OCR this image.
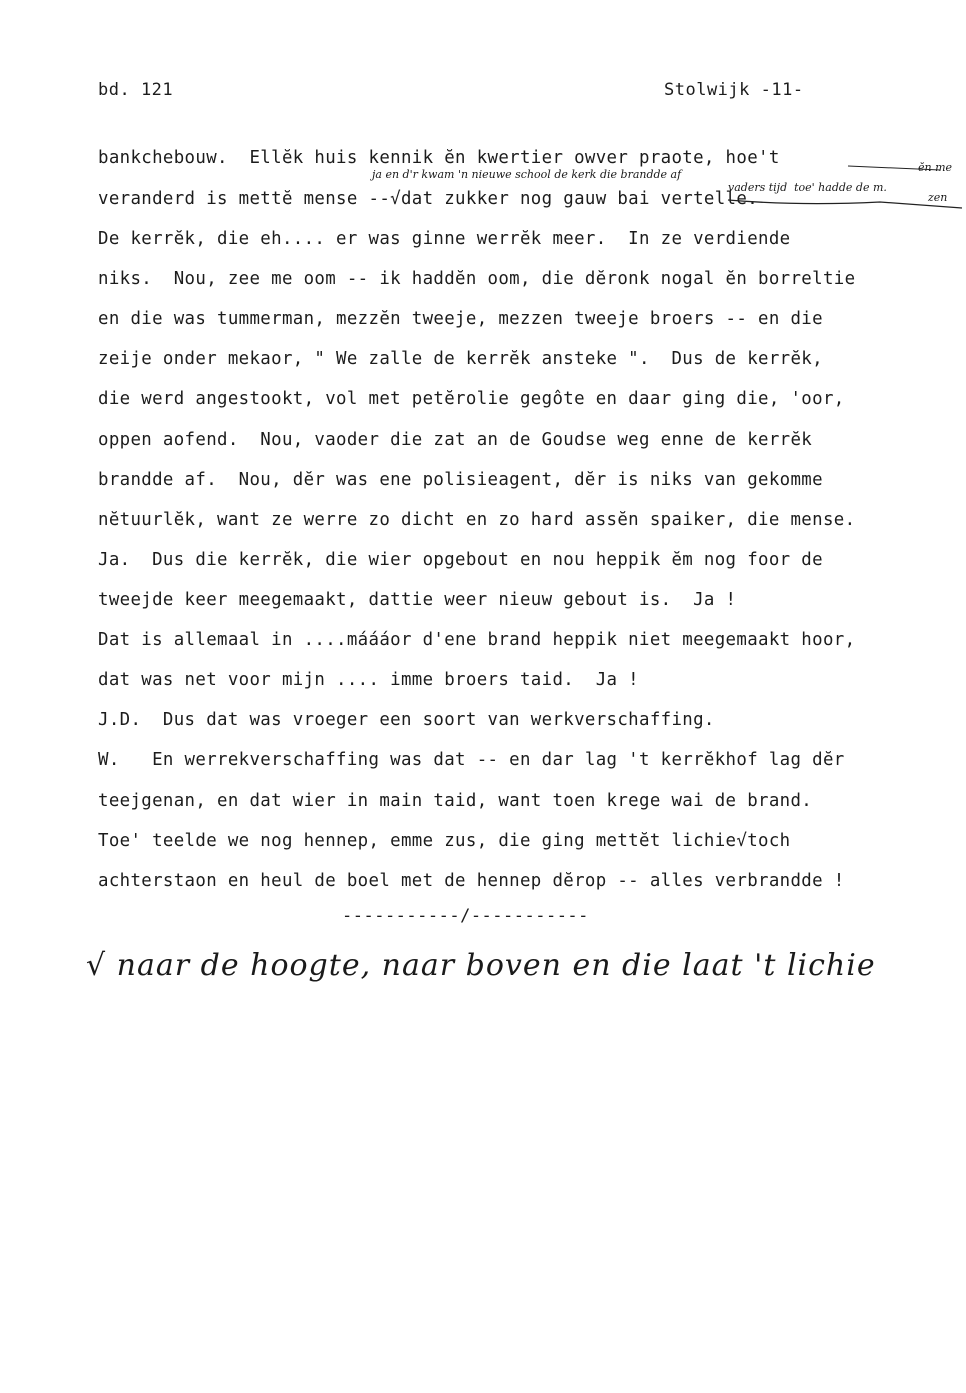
bd. 121	Stolwijk -11-
bankchebouw.  Ellĕk huis kennik ĕn kwertier owver praote, hoe't
veranderd is mettĕ mense --√dat zukker nog gauw bai vertelle.
De kerrĕk, die eh.... er was ginne werrĕk meer.  In ze verdiende
niks.  Nou, zee me oom -- ik haddĕn oom, die dĕronk nogal ĕn borreltie
en die was tummerman, mezzĕn tweeje, mezzen tweeje broers -- en die
zeije onder mekaor, " We zalle de kerrĕk ansteke ".  Dus de kerrĕk,
die werd angestookt, vol met petĕrolie gegôte en daar ging die, 'oor,
oppen aofend.  Nou, vaoder die zat an de Goudse weg enne de kerrĕk
brandde af.  Nou, dĕr was ene polisieagent, dĕr is niks van gekomme
nĕtuurlĕk, want ze werre zo dicht en zo hard assĕn spaiker, die mense.
Ja.  Dus die kerrĕk, die wier opgebout en nou heppik ĕm nog foor de
tweejde keer meegemaakt, dattie weer nieuw gebout is.  Ja !
Dat is allemaal in ....máááor d'ene brand heppik niet meegemaakt hoor,
dat was net voor mijn .... imme broers taid.  Ja !
J.D.  Dus dat was vroeger een soort van werkverschaffing.
W.   En werrekverschaffing was dat -- en dar lag 't kerrĕkhof lag dĕr
teejgenan, en dat wier in main taid, want toen krege wai de brand.
Toe' teelde we nog hennep, emme zus, die ging mettĕt lichie√toch
achterstaon en heul de boel met de hennep dĕrop -- alles verbrandde !
ja en d'r kwam 'n nieuwe school de kerk die brandde af
vaders tijd  toe' hadde de m.
ĕn me
zen
-----------/-----------
√ naar de hoogte, naar boven en die laat 't lichie
